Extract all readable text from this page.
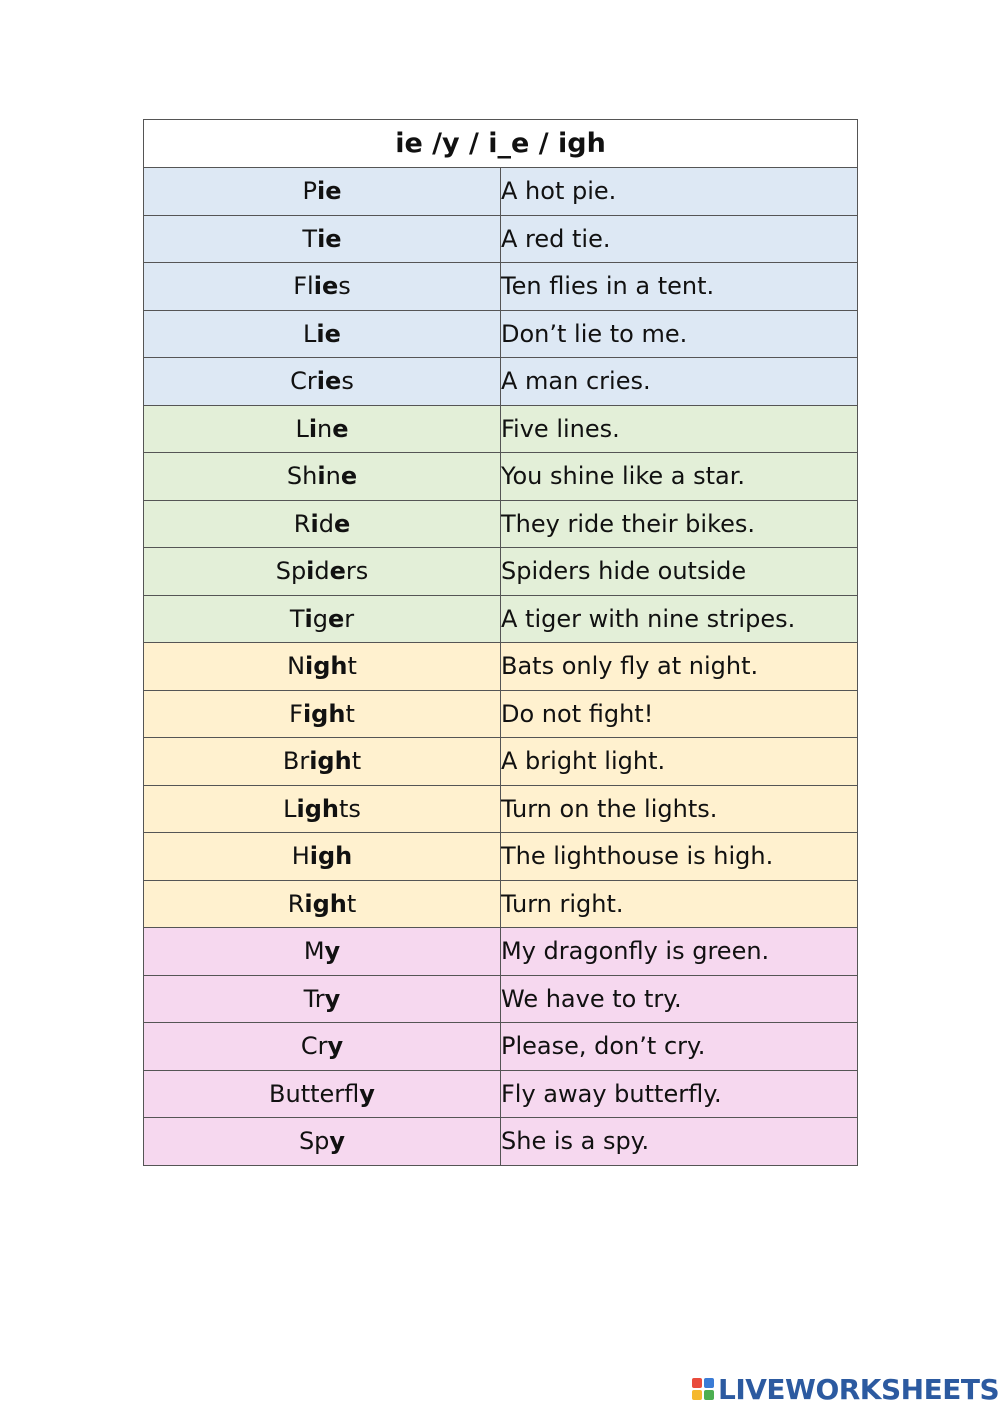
ie /y / i_e / igh	
Pie	A hot pie.
Tie	A red tie.
Flies	Ten flies in a tent.
Lie	Don’t lie to me.
Cries	A man cries.
Line	Five lines.
Shine	You shine like a star.
Ride	They ride their bikes.
Spiders	Spiders hide outside
Tiger	A tiger with nine stripes.
Night	Bats only fly at night.
Fight	Do not fight!
Bright	A bright light.
Lights	Turn on the lights.
High	The lighthouse is high.
Right	Turn right.
My	My dragonfly is green.
Try	We have to try.
Cry	Please, don’t cry.
Butterfly	Fly away butterfly.
Spy	She is a spy.
LIVEWORKSHEETS
